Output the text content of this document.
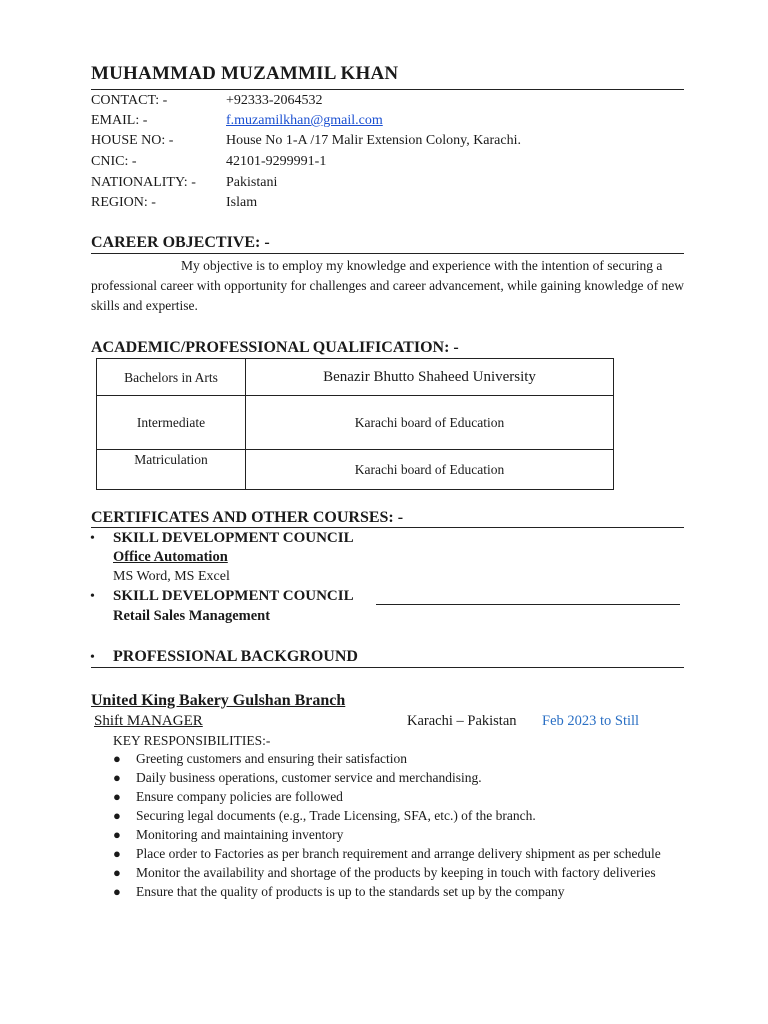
MUHAMMAD MUZAMMIL KHAN
CONTACT: -	+92333-2064532
EMAIL: -	f.muzamilkhan@gmail.com
HOUSE NO: -	House No 1-A /17 Malir Extension Colony, Karachi.
CNIC: -	42101-9299991-1
NATIONALITY: - Pakistani
REGION: -	Islam
CAREER OBJECTIVE: -
My objective is to employ my knowledge and experience with the intention of securing a professional career with opportunity for challenges and career advancement, while gaining knowledge of new skills and expertise.
ACADEMIC/PROFESSIONAL QUALIFICATION: -
Bachelors in Arts	Benazir Bhutto Shaheed University
Intermediate	Karachi board of Education
Matriculation	Karachi board of Education
CERTIFICATES AND OTHER COURSES: -
• SKILL DEVELOPMENT COUNCIL
Office Automation
MS Word, MS Excel
• SKILL DEVELOPMENT COUNCIL
Retail Sales Management
• PROFESSIONAL BACKGROUND
United King Bakery Gulshan Branch
Shift MANAGER	Karachi – Pakistan Feb 2023 to Still
KEY RESPONSIBILITIES:-
● Greeting customers and ensuring their satisfaction
● Daily business operations, customer service and merchandising.
● Ensure company policies are followed
● Securing legal documents (e.g., Trade Licensing, SFA, etc.) of the branch.
● Monitoring and maintaining inventory
● Place order to Factories as per branch requirement and arrange delivery shipment as per schedule
● Monitor the availability and shortage of the products by keeping in touch with factory deliveries
● Ensure that the quality of products is up to the standards set up by the company
